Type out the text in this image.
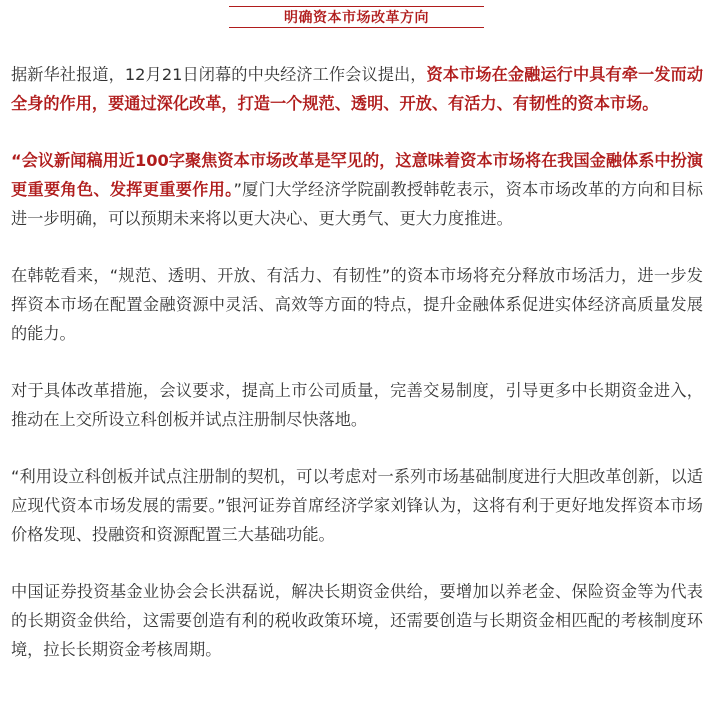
明确资本市场改革方向

据新华社报道，12月21日闭幕的中央经济工作会议提出，资本市场在金融运行中具有牵一发而动全身的作用，要通过深化改革，打造一个规范、透明、开放、有活力、有韧性的资本市场。

“会议新闻稿用近100字聚焦资本市场改革是罕见的，这意味着资本市场将在我国金融体系中扮演更重要角色、发挥更重要作用。”厦门大学经济学院副教授韩乾表示，资本市场改革的方向和目标进一步明确，可以预期未来将以更大决心、更大勇气、更大力度推进。

在韩乾看来，“规范、透明、开放、有活力、有韧性”的资本市场将充分释放市场活力，进一步发挥资本市场在配置金融资源中灵活、高效等方面的特点，提升金融体系促进实体经济高质量发展的能力。

对于具体改革措施，会议要求，提高上市公司质量，完善交易制度，引导更多中长期资金进入，推动在上交所设立科创板并试点注册制尽快落地。

“利用设立科创板并试点注册制的契机，可以考虑对一系列市场基础制度进行大胆改革创新，以适应现代资本市场发展的需要。”银河证券首席经济学家刘锋认为，这将有利于更好地发挥资本市场价格发现、投融资和资源配置三大基础功能。

中国证券投资基金业协会会长洪磊说，解决长期资金供给，要增加以养老金、保险资金等为代表的长期资金供给，这需要创造有利的税收政策环境，还需要创造与长期资金相匹配的考核制度环境，拉长长期资金考核周期。
